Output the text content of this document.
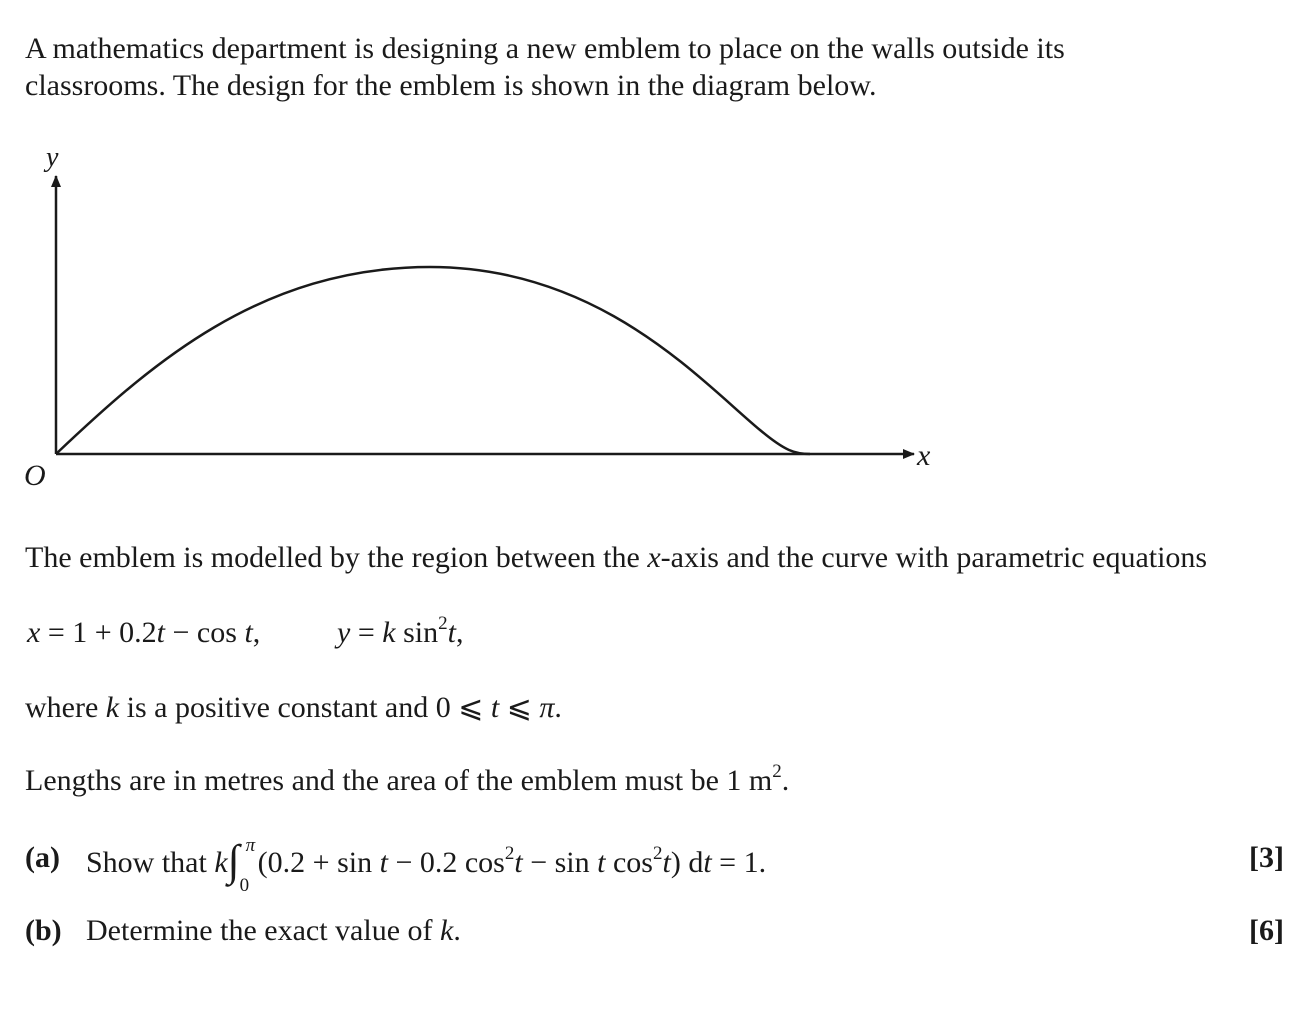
A mathematics department is designing a new emblem to place on the walls outside its
classrooms. The design for the emblem is shown in the diagram below.
y
x
O
The emblem is modelled by the region between the x-axis and the curve with parametric equations
x = 1 + 0.2t − cos t,	y = k $\sin^2t$,
where k is a positive constant and 0 ⩽ t ⩽ π.
Lengths are in metres and the area of the emblem must be 1 $m^2$.
(a) Show that k∫ π
0
(0.2 + sin t − 0.2 $\cos^2t - \sin t$ $\cos^2t$) dt = 1.	[3]
(b) Determine the exact value of k.	[6]
